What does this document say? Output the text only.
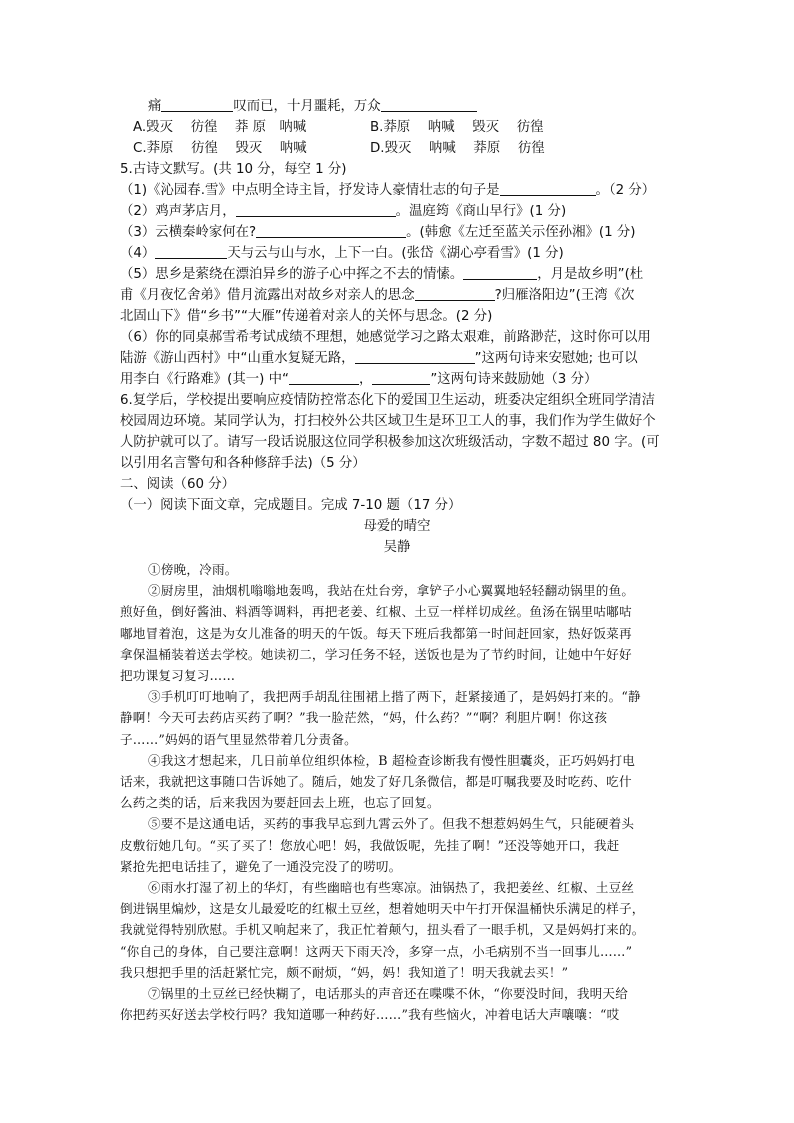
痛	叹而已，十月噩耗，万众
A.毁灭　 彷徨　 莽 原　呐喊	B.莽原　 呐喊　 毁灭　 彷徨
C.莽原　 彷徨　 毁灭　 呐喊	D.毁灭　 呐喊　 莽原　 彷徨
5.古诗文默写。(共 10 分，每空 1 分)
（1)《沁园春.雪》中点明全诗主旨，抒发诗人豪情壮志的句子是	。（2 分）
（2）鸡声茅店月，	。温庭筠《商山早行》(1 分)
（3）云横秦岭家何在?	。(韩愈《左迁至蓝关示侄孙湘》(1 分)
（4）	天与云与山与水，上下一白。(张岱《湖心亭看雪》(1 分)
（5）思乡是萦绕在漂泊异乡的游子心中挥之不去的情愫。	，月是故乡明”(杜
甫《月夜忆舍弟》借月流露出对故乡对亲人的思念	?归雁洛阳边”(王湾《次
北固山下》借“乡书”“大雁”传递着对亲人的关怀与思念。(2 分)
（6）你的同桌郝雪希考试成绩不理想，她感觉学习之路太艰难，前路渺茫，这时你可以用
陆游《游山西村》中“山重水复疑无路，	”这两句诗来安慰她; 也可以
用李白《行路难》(其一) 中“	，	”这两句诗来鼓励她（3 分）
6.复学后，学校提出要响应疫情防控常态化下的爱国卫生运动，班委决定组织全班同学清洁
校园周边环境。某同学认为，打扫校外公共区域卫生是环卫工人的事，我们作为学生做好个
人防护就可以了。请写一段话说服这位同学积极参加这次班级活动，字数不超过 80 字。(可
以引用名言警句和各种修辞手法)（5 分）
二、阅读（60 分）
（一）阅读下面文章，完成题目。完成 7-10 题（17 分）
母爱的晴空
吴静
①傍晚，冷雨。
②厨房里，油烟机嗡嗡地轰鸣，我站在灶台旁，拿铲子小心翼翼地轻轻翻动锅里的鱼。
煎好鱼，倒好酱油、料酒等调料，再把老姜、红椒、土豆一样样切成丝。鱼汤在锅里咕嘟咕
嘟地冒着泡，这是为女儿准备的明天的午饭。每天下班后我都第一时间赶回家，热好饭菜再
拿保温桶装着送去学校。她读初二，学习任务不轻，送饭也是为了节约时间，让她中午好好
把功课复习复习……
③手机叮叮地响了，我把两手胡乱往围裙上揩了两下，赶紧接通了，是妈妈打来的。“静
静啊！今天可去药店买药了啊？”我一脸茫然，“妈，什么药？”“啊？利胆片啊！你这孩
子……”妈妈的语气里显然带着几分责备。
④我这才想起来，几日前单位组织体检，B 超检查诊断我有慢性胆囊炎，正巧妈妈打电
话来，我就把这事随口告诉她了。随后，她发了好几条微信，都是叮嘱我要及时吃药、吃什
么药之类的话，后来我因为要赶回去上班，也忘了回复。
⑤要不是这通电话，买药的事我早忘到九霄云外了。但我不想惹妈妈生气，只能硬着头
皮敷衍她几句。“买了买了！您放心吧！妈，我做饭呢，先挂了啊！”还没等她开口，我赶
紧抢先把电话挂了，避免了一通没完没了的唠叨。
⑥雨水打湿了初上的华灯，有些幽暗也有些寒凉。油锅热了，我把姜丝、红椒、土豆丝
倒进锅里煸炒，这是女儿最爱吃的红椒土豆丝，想着她明天中午打开保温桶快乐满足的样子，
我就觉得特别欣慰。手机又响起来了，我正忙着颠勺，扭头看了一眼手机，又是妈妈打来的。
“你自己的身体，自己要注意啊！这两天下雨天冷，多穿一点，小毛病别不当一回事儿……”
我只想把手里的活赶紧忙完，颇不耐烦，“妈，妈！我知道了！明天我就去买！”
⑦锅里的土豆丝已经快糊了，电话那头的声音还在喋喋不休，“你要没时间，我明天给
你把药买好送去学校行吗？我知道哪一种药好……”我有些恼火，冲着电话大声嚷嚷：“哎
